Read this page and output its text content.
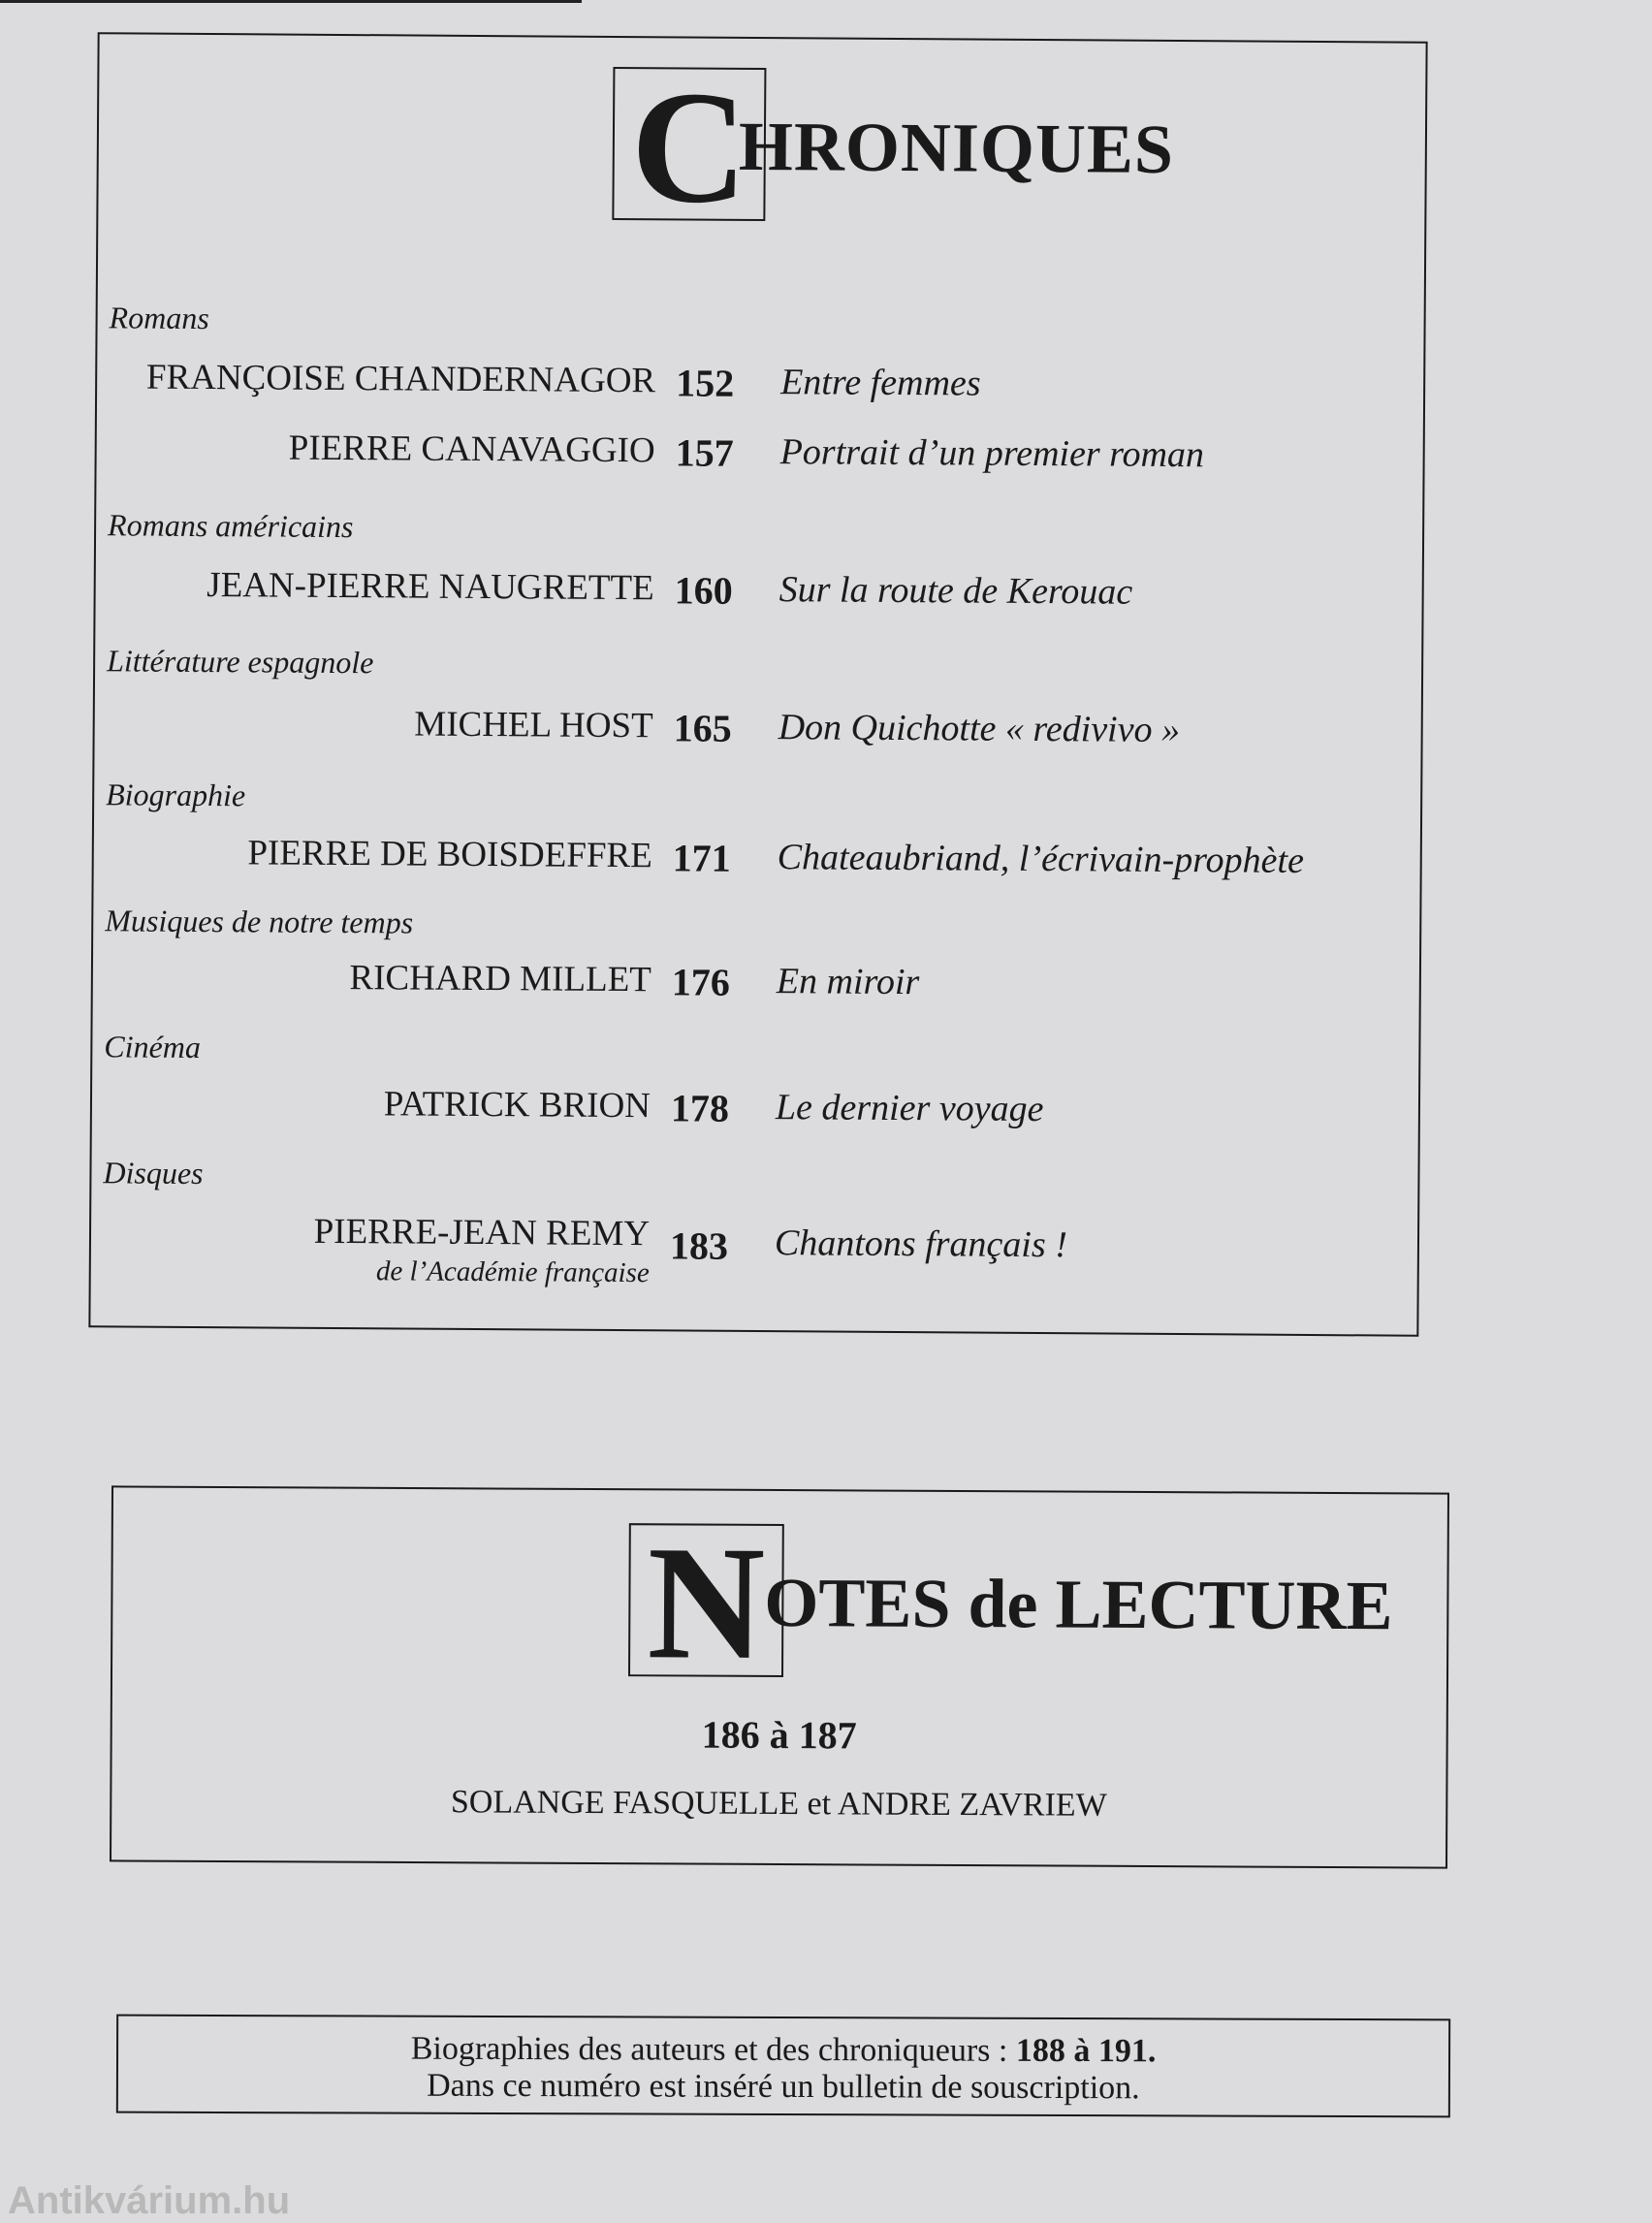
C
HRONIQUES
Romans
FRANÇOISE CHANDERNAGOR 152 Entre femmes
PIERRE CANAVAGGIO 157 Portrait d’un premier roman
Romans américains
JEAN-PIERRE NAUGRETTE 160 Sur la route de Kerouac
Littérature espagnole
MICHEL HOST 165 Don Quichotte « redivivo »
Biographie
PIERRE DE BOISDEFFRE 171 Chateaubriand, l’écrivain-prophète
Musiques de notre temps
RICHARD MILLET 176 En miroir
Cinéma
PATRICK BRION 178 Le dernier voyage
Disques
PIERRE-JEAN REMY
de l’Académie française
183 Chantons français !
N
OTES de LECTURE
186 à 187
SOLANGE FASQUELLE et ANDRE ZAVRIEW
Biographies des auteurs et des chroniqueurs : 188 à 191.
Dans ce numéro est inséré un bulletin de souscription.
Antikvárium.hu
